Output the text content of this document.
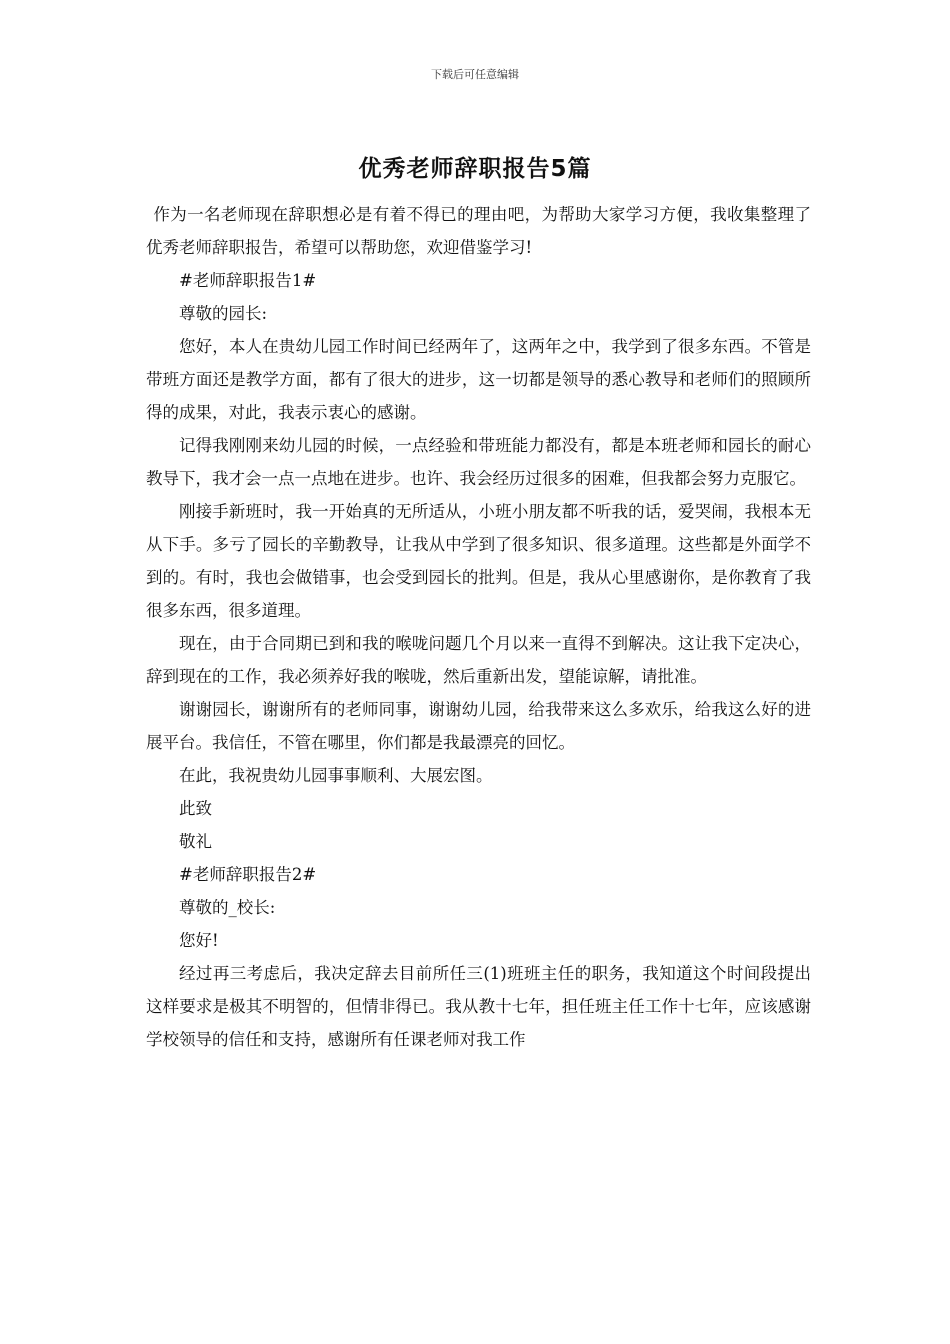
下载后可任意编辑
优秀老师辞职报告5篇

作为一名老师现在辞职想必是有着不得已的理由吧，为帮助大家学习方便，我收集整理了优秀老师辞职报告，希望可以帮助您，欢迎借鉴学习!

#老师辞职报告1#

尊敬的园长:

您好，本人在贵幼儿园工作时间已经两年了，这两年之中，我学到了很多东西。不管是带班方面还是教学方面，都有了很大的进步，这一切都是领导的悉心教导和老师们的照顾所得的成果，对此，我表示衷心的感谢。

记得我刚刚来幼儿园的时候，一点经验和带班能力都没有，都是本班老师和园长的耐心教导下，我才会一点一点地在进步。也许、我会经历过很多的困难，但我都会努力克服它。

刚接手新班时，我一开始真的无所适从，小班小朋友都不听我的话，爱哭闹，我根本无从下手。多亏了园长的辛勤教导，让我从中学到了很多知识、很多道理。这些都是外面学不到的。有时，我也会做错事，也会受到园长的批判。但是，我从心里感谢你，是你教育了我很多东西，很多道理。

现在，由于合同期已到和我的喉咙问题几个月以来一直得不到解决。这让我下定决心，辞到现在的工作，我必须养好我的喉咙，然后重新出发，望能谅解，请批准。

谢谢园长，谢谢所有的老师同事，谢谢幼儿园，给我带来这么多欢乐，给我这么好的进展平台。我信任，不管在哪里，你们都是我最漂亮的回忆。

在此，我祝贵幼儿园事事顺利、大展宏图。

此致

敬礼

#老师辞职报告2#

尊敬的_校长:

您好!

经过再三考虑后，我决定辞去目前所任三(1)班班主任的职务，我知道这个时间段提出这样要求是极其不明智的，但情非得已。我从教十七年，担任班主任工作十七年，应该感谢学校领导的信任和支持，感谢所有任课老师对我工作
